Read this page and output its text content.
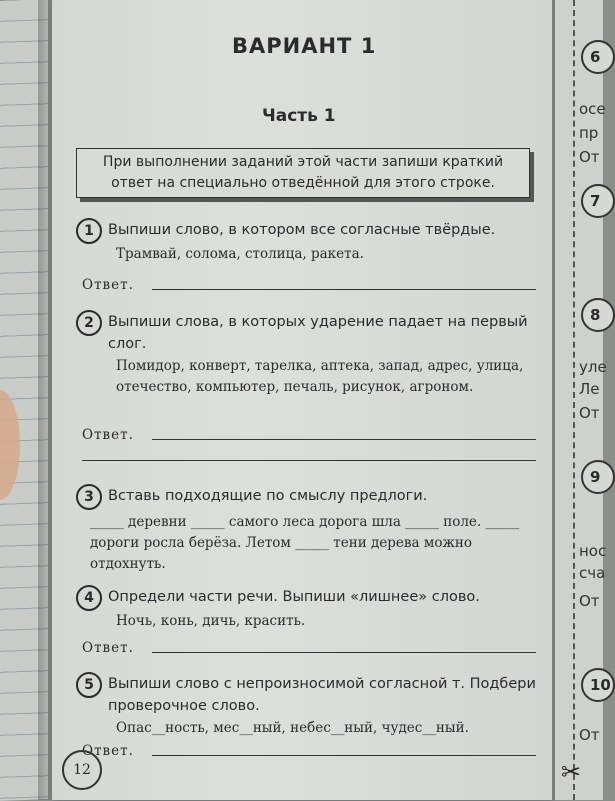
ВАРИАНТ 1
Часть 1
При выполнении заданий этой части запиши краткий ответ на специально отведённой для этого строке.
1 Выпиши слово, в котором все согласные твёрдые.
Трамвай, солома, столица, ракета.
Ответ.
2 Выпиши слова, в которых ударение падает на первый слог.
Помидор, конверт, тарелка, аптека, запад, адрес, улица, отечество, компьютер, печаль, рисунок, агроном.
Ответ.
3 Вставь подходящие по смыслу предлоги.
_____ деревни _____ самого леса дорога шла _____ поле. _____ дороги росла берёза. Летом _____ тени дерева можно отдохнуть.
4 Определи части речи. Выпиши «лишнее» слово.
Ночь, конь, дичь, красить.
Ответ.
5 Выпиши слово с непроизносимой согласной т. Подбери проверочное слово.
Опас__ность, мес__ный, небес__ный, чудес__ный.
Ответ.
12
6
осе
пр
От
7
8
уле
Ле
От
9
нос
сча
От
10
От
✂
